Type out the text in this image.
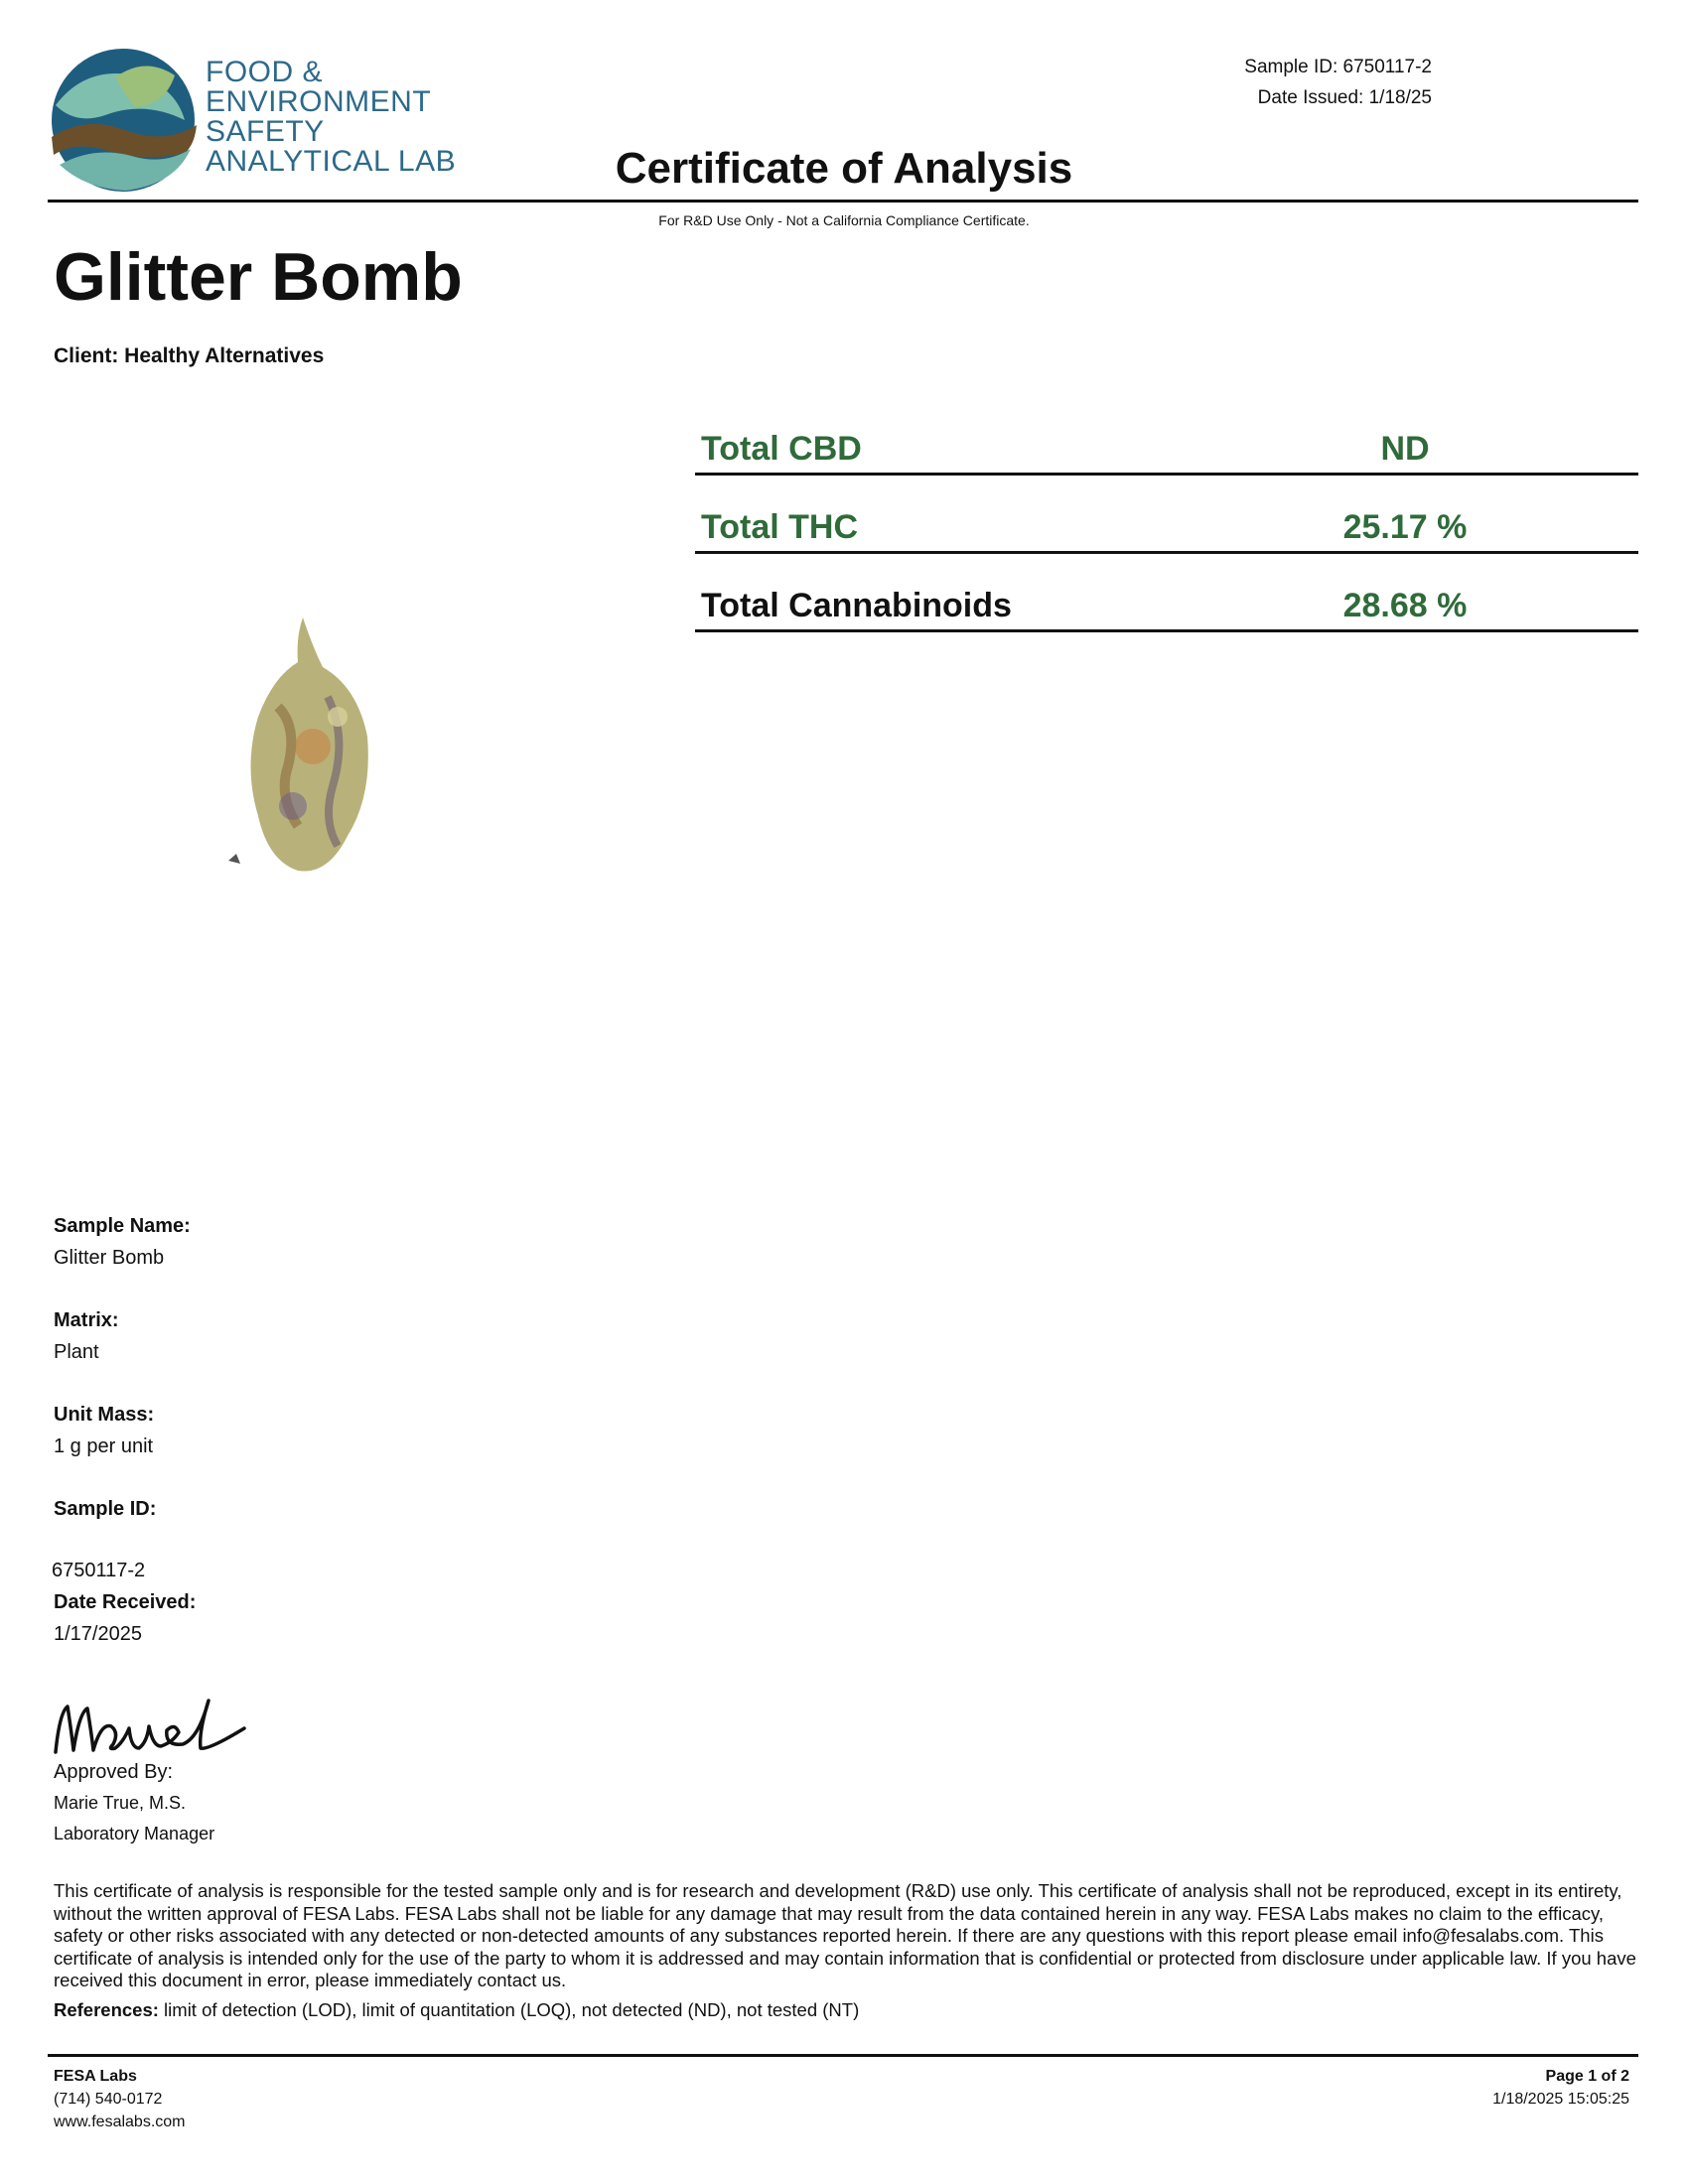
FOOD &
ENVIRONMENT
SAFETY
ANALYTICAL LAB
Sample ID: 6750117-2
Date Issued: 1/18/25
Certificate of Analysis
For R&D Use Only - Not a California Compliance Certificate.
Glitter Bomb
Client: Healthy Alternatives
Total CBD	ND
Total THC	25.17 %
Total Cannabinoids	28.68 %
Sample Name:
Glitter Bomb
Matrix:
Plant
Unit Mass:
1 g per unit
Sample ID:
6750117-2
Date Received:
1/17/2025
Approved By:
Marie True, M.S.
Laboratory Manager
This certificate of analysis is responsible for the tested sample only and is for research and development (R&D) use only. This certificate of analysis shall not be reproduced, except in its entirety, without the written approval of FESA Labs. FESA Labs shall not be liable for any damage that may result from the data contained herein in any way. FESA Labs makes no claim to the efficacy, safety or other risks associated with any detected or non-detected amounts of any substances reported herein. If there are any questions with this report please email info@fesalabs.com. This certificate of analysis is intended only for the use of the party to whom it is addressed and may contain information that is confidential or protected from disclosure under applicable law. If you have received this document in error, please immediately contact us.
References: limit of detection (LOD), limit of quantitation (LOQ), not detected (ND), not tested (NT)
FESA Labs
(714) 540-0172
www.fesalabs.com
Page 1 of 2
1/18/2025 15:05:25
